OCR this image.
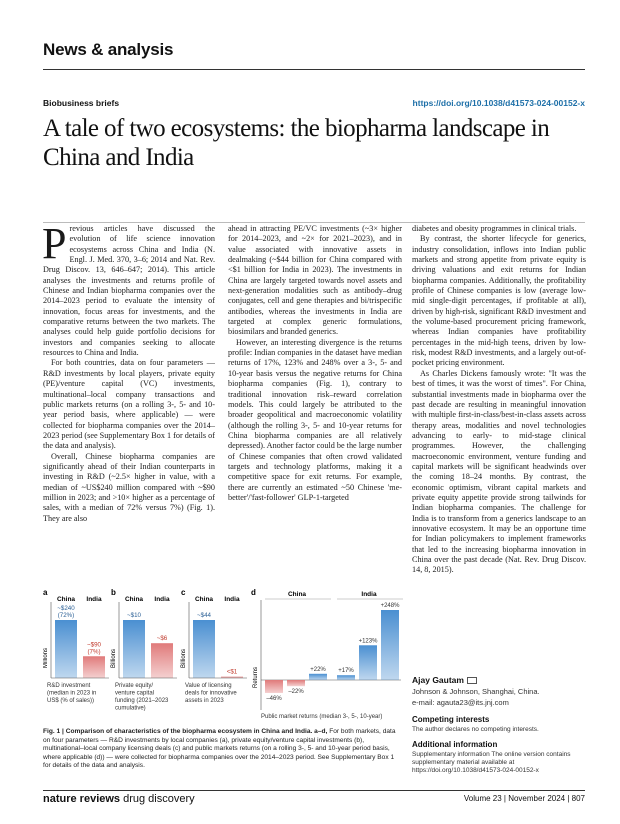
News & analysis
Biobusiness briefs	https://doi.org/10.1038/d41573-024-00152-x
A tale of two ecosystems: the biopharma landscape in China and India

Previous articles have discussed the evolution of life science innovation ecosystems across China and India (N. Engl. J. Med. 370, 3–6; 2014 and Nat. Rev. Drug Discov. 13, 646–647; 2014). This article analyses the investments and returns profile of Chinese and Indian biopharma companies over the 2014–2023 period to evaluate the intensity of innovation, focus areas for investments, and the comparative returns between the two markets. The analyses could help guide portfolio decisions for investors and companies seeking to allocate resources to China and India.

For both countries, data on four parameters — R&D investments by local players, private equity (PE)/venture capital (VC) investments, multinational–local company transactions and public markets returns (on a rolling 3-, 5- and 10-year period basis, where applicable) — were collected for biopharma companies over the 2014–2023 period (see Supplementary Box 1 for details of the data and analysis).

Overall, Chinese biopharma companies are significantly ahead of their Indian counterparts in investing in R&D (~2.5× higher in value, with a median of ~US$240 million compared with ~$90 million in 2023; and >10× higher as a percentage of sales, with a median of 72% versus 7%) (Fig. 1). They are also

ahead in attracting PE/VC investments (~3× higher for 2014–2023, and ~2× for 2021–2023), and in value associated with innovative assets in dealmaking (~$44 billion for China compared with <$1 billion for India in 2023). The investments in China are largely targeted towards novel assets and next-generation modalities such as antibody–drug conjugates, cell and gene therapies and bi/trispecific antibodies, whereas the investments in India are targeted at complex generic formulations, biosimilars and branded generics.

However, an interesting divergence is the returns profile: Indian companies in the dataset have median returns of 17%, 123% and 248% over a 3-, 5- and 10-year basis versus the negative returns for China biopharma companies (Fig. 1), contrary to traditional innovation risk–reward correlation models. This could largely be attributed to the broader geopolitical and macroeconomic volatility (although the rolling 3-, 5- and 10-year returns for China biopharma companies are all relatively depressed). Another factor could be the large number of Chinese companies that often crowd validated targets and technology platforms, making it a competitive space for exit returns. For example, there are currently an estimated ~50 Chinese 'me-better'/'fast-follower' GLP-1-targeted

diabetes and obesity programmes in clinical trials.

By contrast, the shorter lifecycle for generics, industry consolidation, inflows into Indian public markets and strong appetite from private equity is driving valuations and exit returns for Indian biopharma companies. Additionally, the profitability profile of Chinese companies is low (average low-mid single-digit percentages, if profitable at all), driven by high-risk, significant R&D investment and the volume-based procurement pricing framework, whereas Indian companies have profitability percentages in the mid-high teens, driven by low-risk, modest R&D investments, and a largely out-of-pocket pricing environment.

As Charles Dickens famously wrote: "It was the best of times, it was the worst of times". For China, substantial investments made in biopharma over the past decade are resulting in meaningful innovation with multiple first-in-class/best-in-class assets across therapy areas, modalities and novel technologies advancing to early- to mid-stage clinical programmes. However, the challenging macroeconomic environment, venture funding and capital markets will be significant headwinds over the coming 18–24 months. By contrast, the economic optimism, vibrant capital markets and private equity appetite provide strong tailwinds for Indian biopharma companies. The challenge for India is to transform from a generics landscape to an innovative ecosystem. It may be an opportune time for Indian policymakers to implement frameworks that led to the increasing biopharma innovation in China over the past decade (Nat. Rev. Drug Discov. 14, 8, 2015).

a
Millions
China
~$240
(72%)
India
~$90
(7%)
R&D investment
(median in 2023 in
US$ (% of sales))
b
Billions
China
~$10
India
~$6
Private equity/
venture capital
funding (2021–2023
cumulative)
c
Billions
China
~$44
India
<$1
Value of licensing
deals for innovative
assets in 2023
d
Returns
China
–46%
–22%
+22%
India
+17%
+123%
+248%
Public market returns (median 3-, 5-, 10-year)
Fig. 1 | Comparison of characteristics of the biopharma ecosystem in China and India. a–d, For both markets, data on four parameters — R&D investments by local companies (a), private equity/venture capital investments (b), multinational–local company licensing deals (c) and public markets returns (on a rolling 3-, 5- and 10-year period basis, where applicable (d)) — were collected for biopharma companies over the 2014–2023 period. See Supplementary Box 1 for details of the data and analysis.
Ajay Gautam
Johnson & Johnson, Shanghai, China.
e-mail: agauta23@its.jnj.com
Competing interests
The author declares no competing interests.
Additional information
Supplementary information The online version contains supplementary material available at https://doi.org/10.1038/d41573-024-00152-x
nature reviews drug discovery	Volume 23 | November 2024 | 807
